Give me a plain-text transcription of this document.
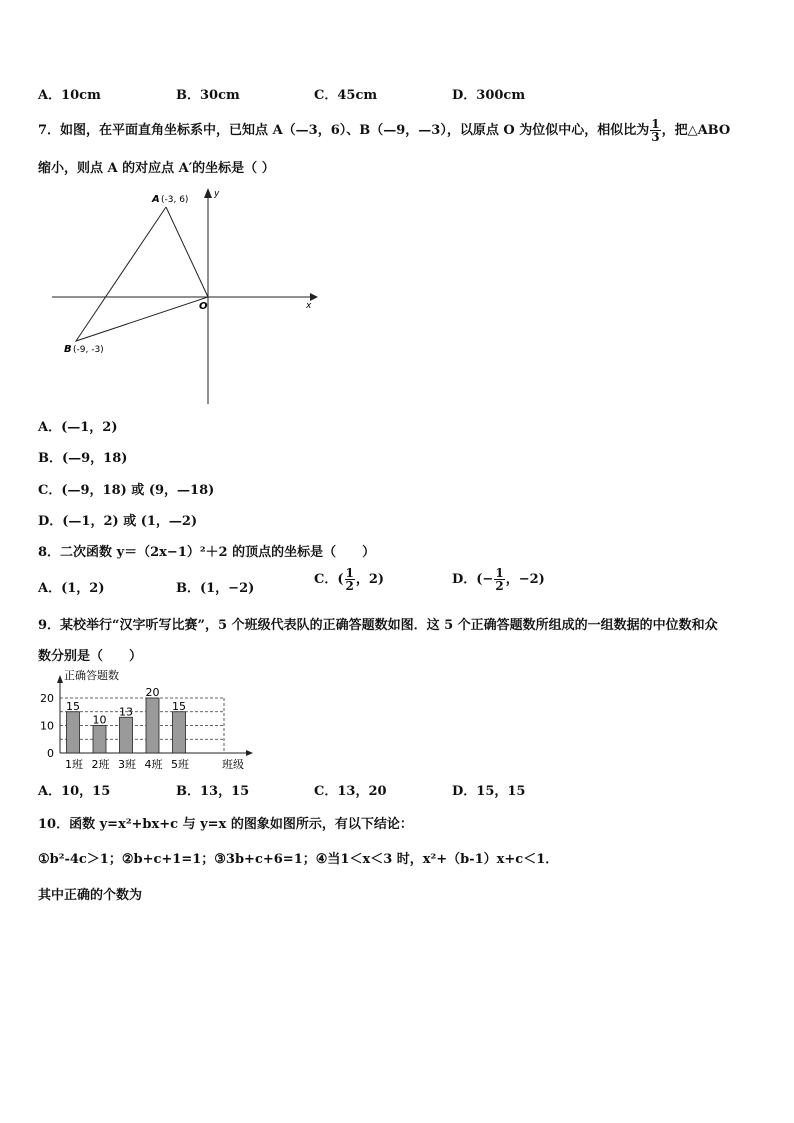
A．10cm	B．30cm	C．45cm	D．300cm
7．如图，在平面直角坐标系中，已知点 A（—3，6）、B（—9，—3），以原点 O 为位似中心，相似比为 $\frac{1}{3}$ ，把△ABO
缩小，则点 A 的对应点 A′的坐标是（ ）
A (-3, 6)
B (-9, -3)
O	x
y
A．(—1，2)
B．(—9，18)
C．(—9，18) 或 (9，—18)
D．(—1，2) 或 (1，—2)
8．二次函数 y＝（2x−1）²＋2 的顶点的坐标是（　　）
A．(1，2)	B．(1，−2)
C．( $\frac{1}{2}$ ，2)	D．(− $\frac{1}{2}$ ，−2)
9．某校举行“汉字听写比赛”，5 个班级代表队的正确答题数如图．这 5 个正确答题数所组成的一组数据的中位数和众
数分别是（　　）
正确答题数
班级
0
10
20
15
1班
10
2班
13
3班
20
4班
15
5班
A．10，15	B．13，15	C．13，20	D．15，15
10．函数 y=x²+bx+c 与 y=x 的图象如图所示，有以下结论：
①b²-4c＞1；②b+c+1=1；③3b+c+6=1；④当1＜x＜3 时，x²+（b-1）x+c＜1．
其中正确的个数为
